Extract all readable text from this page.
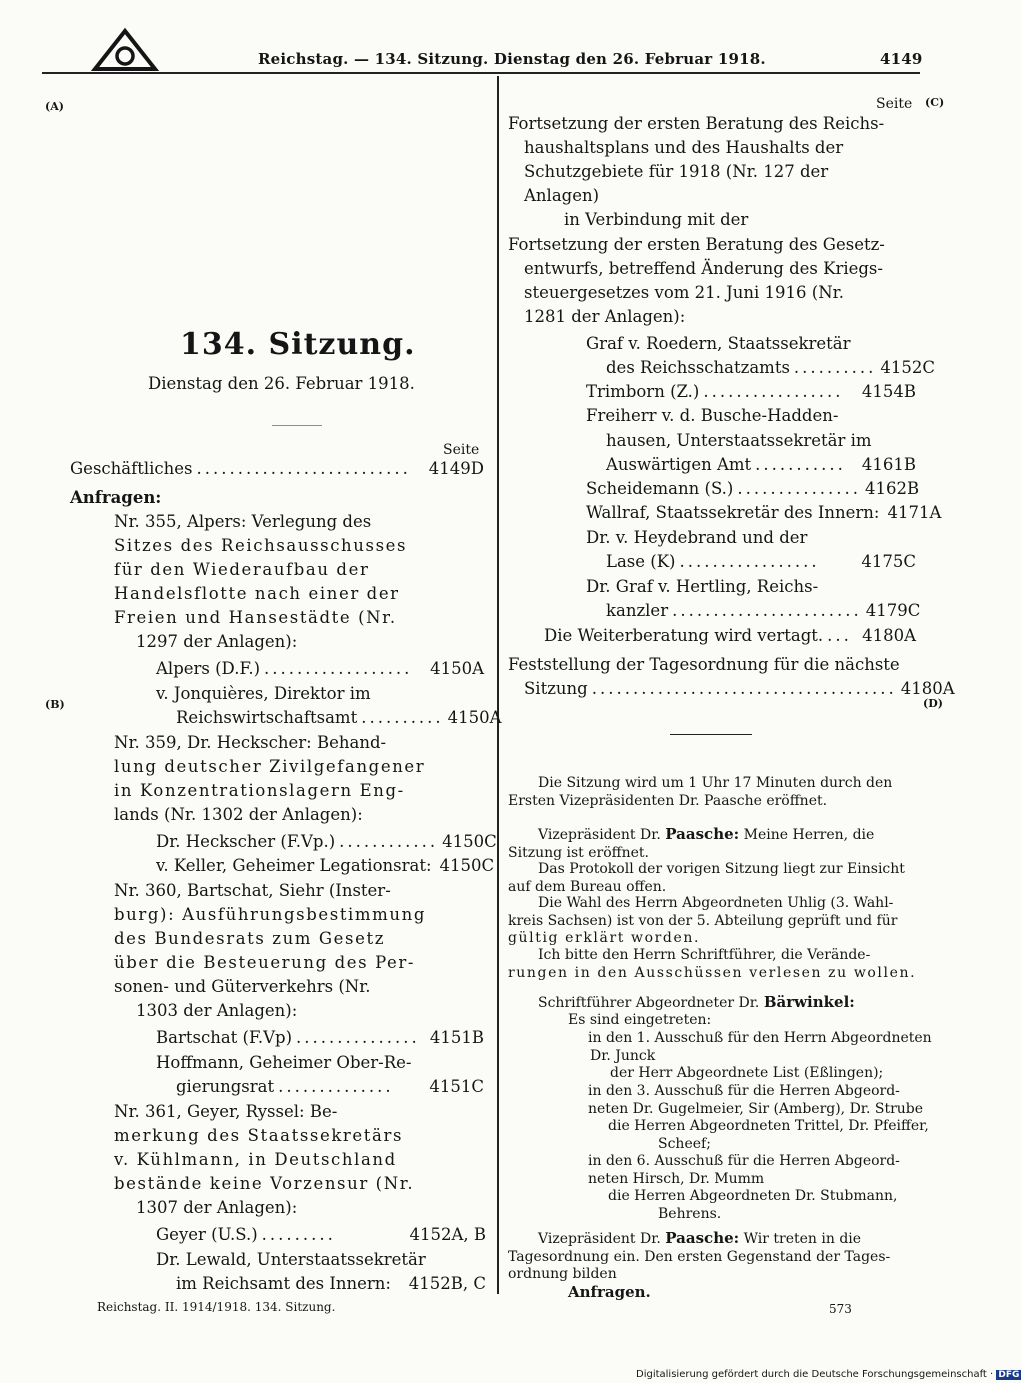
Reichstag. — 134. Sitzung. Dienstag den 26. Februar 1918.	4149
(A)
(B)
(C)
(D)
134. Sitzung.
Dienstag den 26. Februar 1918.
Seite
Geschäftliches ..........................	4149D
Anfragen:
Nr. 355, Alpers: Verlegung des
Sitzes des Reichsausschusses
für den Wiederaufbau der
Handelsflotte nach einer der
Freien und Hansestädte (Nr.
1297 der Anlagen):
Alpers (D.F.) ..................	4150A
v. Jonquières, Direktor im
Reichswirtschaftsamt .......... 4150A
Nr. 359, Dr. Heckscher: Behand-
lung deutscher Zivilgefangener
in Konzentrationslagern Eng-
lands (Nr. 1302 der Anlagen):
Dr. Heckscher (F.Vp.) ............ 4150C
v. Keller, Geheimer Legationsrat: 4150C
Nr. 360, Bartschat, Siehr (Inster-
burg): Ausführungsbestimmung
des Bundesrats zum Gesetz
über die Besteuerung des Per-
sonen- und Güterverkehrs (Nr.
1303 der Anlagen):
Bartschat (F.Vp) ............... 4151B
Hoffmann, Geheimer Ober-Re-
gierungsrat ..............	4151C
Nr. 361, Geyer, Ryssel: Be-
merkung des Staatssekretärs
v. Kühlmann, in Deutschland
bestände keine Vorzensur (Nr.
1307 der Anlagen):
Geyer (U.S.) .........	4152A, B
Dr. Lewald, Unterstaatssekretär
im Reichsamt des Innern: 4152B, C
Seite
Fortsetzung der ersten Beratung des Reichs-
haushaltsplans und des Haushalts der
Schutzgebiete für 1918 (Nr. 127 der
Anlagen)
in Verbindung mit der
Fortsetzung der ersten Beratung des Gesetz-
entwurfs, betreffend Änderung des Kriegs-
steuergesetzes vom 21. Juni 1916 (Nr.
1281 der Anlagen):
Graf v. Roedern, Staatssekretär
des Reichsschatzamts .......... 4152C
Trimborn (Z.) .................	4154B
Freiherr v. d. Busche-Hadden-
hausen, Unterstaatssekretär im
Auswärtigen Amt ........... 4161B
Scheidemann (S.) ............... 4162B
Wallraf, Staatssekretär des Innern: 4171A
Dr. v. Heydebrand und der
Lase (K) .................	4175C
Dr. Graf v. Hertling, Reichs-
kanzler ....................... 4179C
Die Weiterberatung wird vertagt. ... 4180A
Feststellung der Tagesordnung für die nächste
Sitzung ..................................... 4180A
Die Sitzung wird um 1 Uhr 17 Minuten durch den
Ersten Vizepräsidenten Dr. Paasche eröffnet.
Vizepräsident Dr. Paasche: Meine Herren, die
Sitzung ist eröffnet.
Das Protokoll der vorigen Sitzung liegt zur Einsicht
auf dem Bureau offen.
Die Wahl des Herrn Abgeordneten Uhlig (3. Wahl-
kreis Sachsen) ist von der 5. Abteilung geprüft und für
gültig erklärt worden.
Ich bitte den Herrn Schriftführer, die Verände-
rungen in den Ausschüssen verlesen zu wollen.
Schriftführer Abgeordneter Dr. Bärwinkel:
Es sind eingetreten:
in den 1. Ausschuß für den Herrn Abgeordneten
Dr. Junck
der Herr Abgeordnete List (Eßlingen);
in den 3. Ausschuß für die Herren Abgeord-
neten Dr. Gugelmeier, Sir (Amberg), Dr. Strube
die Herren Abgeordneten Trittel, Dr. Pfeiffer,
Scheef;
in den 6. Ausschuß für die Herren Abgeord-
neten Hirsch, Dr. Mumm
die Herren Abgeordneten Dr. Stubmann,
Behrens.
Vizepräsident Dr. Paasche: Wir treten in die
Tagesordnung ein. Den ersten Gegenstand der Tages-
ordnung bilden
Anfragen.
Reichstag. II. 1914/1918. 134. Sitzung.	573
Digitalisierung gefördert durch die Deutsche Forschungsgemeinschaft · DFG
